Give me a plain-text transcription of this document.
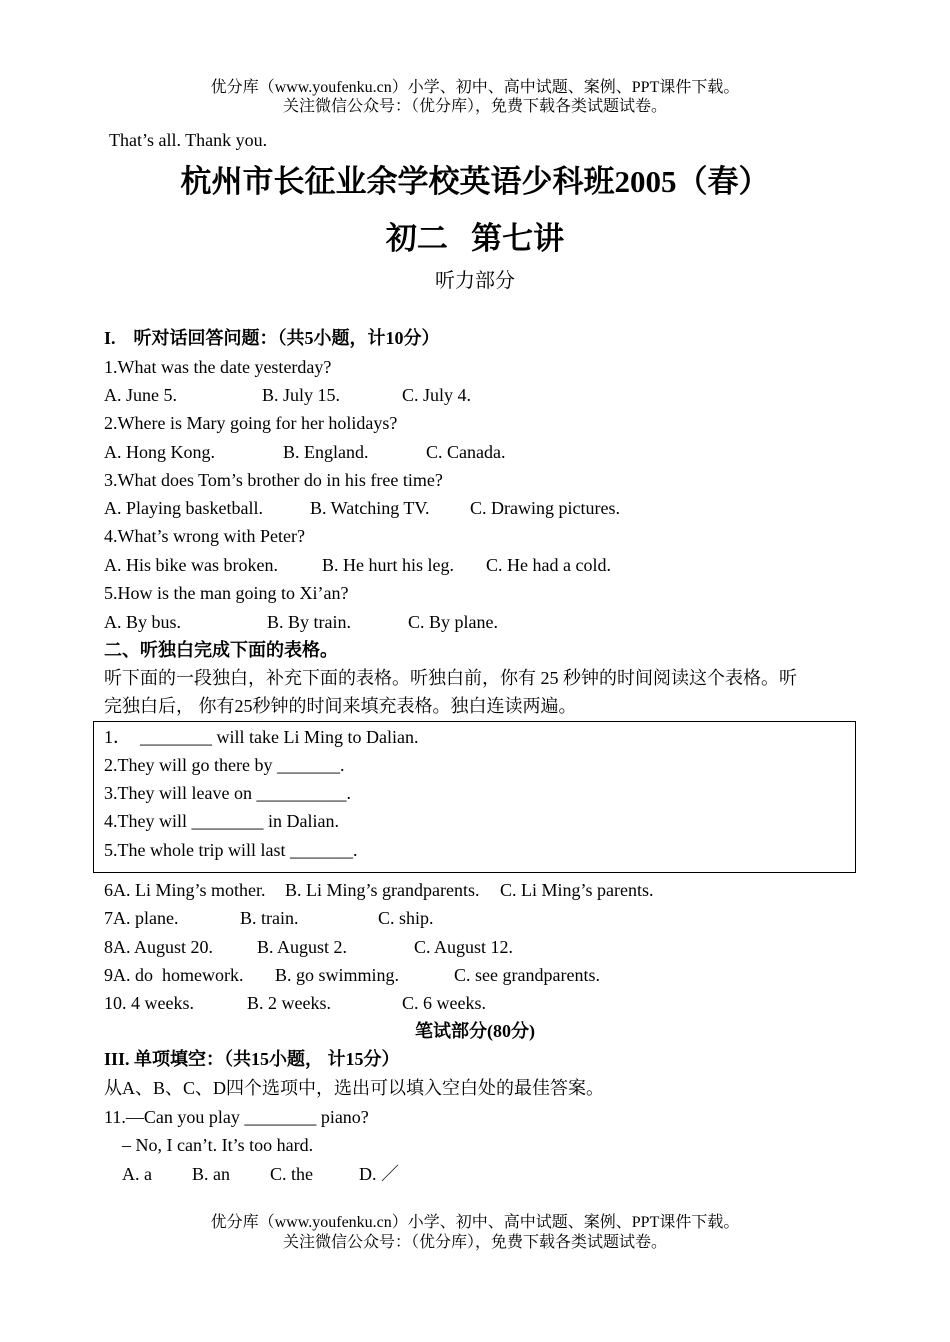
优分库（www.youfenku.cn）小学、初中、高中试题、案例、PPT课件下载。
关注微信公众号：（优分库），免费下载各类试题试卷。
That’s all. Thank you.
杭州市长征业余学校英语少科班2005（春）
初二   第七讲
听力部分
I.    听对话回答问题：（共5小题，计10分）
1.What was the date yesterday?
A. June 5.	B. July 15.	C. July 4.
2.Where is Mary going for her holidays?
A. Hong Kong.	B. England.	C. Canada.
3.What does Tom’s brother do in his free time?
A. Playing basketball.	B. Watching TV. C. Drawing pictures.
4.What’s wrong with Peter?
A. His bike was broken. B. He hurt his leg. C. He had a cold.
5.How is the man going to Xi’an?
A. By bus.	B. By train.	C. By plane.
二、听独白完成下面的表格。
听下面的一段独白，补充下面的表格。听独白前，你有 25 秒钟的时间阅读这个表格。听
完独白后， 你有25秒钟的时间来填充表格。独白连读两遍。
1．  ________ will take Li Ming to Dalian.
2.They will go there by _______.
3.They will leave on __________.
4.They will ________ in Dalian.
5.The whole trip will last _______.
6A. Li Ming’s mother. B. Li Ming’s grandparents. C. Li Ming’s parents.
7A. plane.	B. train.	C. ship.
8A. August 20. B. August 2.	C. August 12.
9A. do  homework. B. go swimming.	C. see grandparents.
10. 4 weeks.	B. 2 weeks.	C. 6 weeks.
笔试部分(80分)
III. 单项填空：（共15小题， 计15分）
从A、B、C、D四个选项中，选出可以填入空白处的最佳答案。
11.—Can you play ________ piano?
– No, I can’t. It’s too hard.
A. a B. an C. the	D. ／
优分库（www.youfenku.cn）小学、初中、高中试题、案例、PPT课件下载。
关注微信公众号：（优分库），免费下载各类试题试卷。
